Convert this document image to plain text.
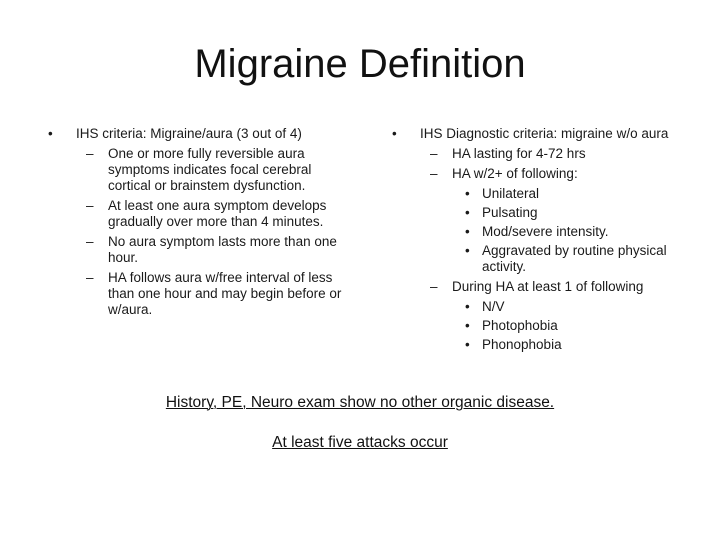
Migraine Definition
• IHS criteria: Migraine/aura (3 out of 4)
– One or more fully reversible aura symptoms indicates focal cerebral cortical or brainstem dysfunction.
– At least one aura symptom develops gradually over more than 4 minutes.
– No aura symptom lasts more than one hour.
– HA follows aura w/free interval of less than one hour and may begin before or w/aura.
• IHS Diagnostic criteria: migraine w/o aura
– HA lasting for 4-72 hrs
– HA w/2+ of following:
• Unilateral
• Pulsating
• Mod/severe intensity.
• Aggravated by routine physical activity.
– During HA at least 1 of following
• N/V
• Photophobia
• Phonophobia
History, PE, Neuro exam show no other organic disease.
At least five attacks occur
